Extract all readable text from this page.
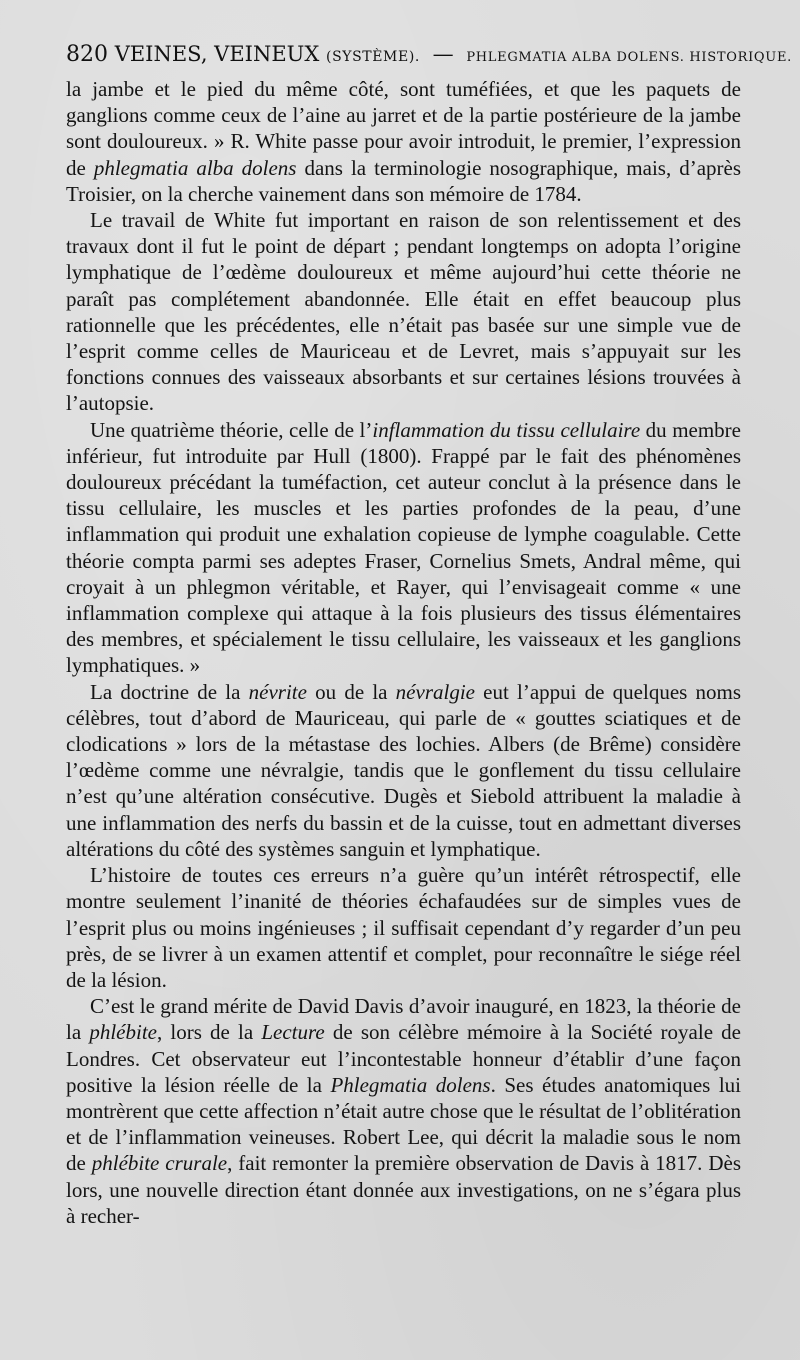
820 VEINES, VEINEUX (SYSTÈME). — PHLEGMATIA ALBA DOLENS. HISTORIQUE.

la jambe et le pied du même côté, sont tuméfiées, et que les paquets de ganglions comme ceux de l’aine au jarret et de la partie postérieure de la jambe sont douloureux. » R. White passe pour avoir introduit, le premier, l’expression de phlegmatia alba dolens dans la terminologie nosographique, mais, d’après Troisier, on la cherche vainement dans son mémoire de 1784.

Le travail de White fut important en raison de son relentissement et des travaux dont il fut le point de départ ; pendant longtemps on adopta l’origine lymphatique de l’œdème douloureux et même aujourd’hui cette théorie ne paraît pas complétement abandonnée. Elle était en effet beaucoup plus rationnelle que les précédentes, elle n’était pas basée sur une simple vue de l’esprit comme celles de Mauriceau et de Levret, mais s’appuyait sur les fonctions connues des vaisseaux absorbants et sur certaines lésions trouvées à l’autopsie.

Une quatrième théorie, celle de l’inflammation du tissu cellulaire du membre inférieur, fut introduite par Hull (1800). Frappé par le fait des phénomènes douloureux précédant la tuméfaction, cet auteur conclut à la présence dans le tissu cellulaire, les muscles et les parties profondes de la peau, d’une inflammation qui produit une exhalation copieuse de lymphe coagulable. Cette théorie compta parmi ses adeptes Fraser, Cornelius Smets, Andral même, qui croyait à un phlegmon véritable, et Rayer, qui l’envisageait comme « une inflammation complexe qui attaque à la fois plusieurs des tissus élémentaires des membres, et spécialement le tissu cellulaire, les vaisseaux et les ganglions lymphatiques. »

La doctrine de la névrite ou de la névralgie eut l’appui de quelques noms célèbres, tout d’abord de Mauriceau, qui parle de « gouttes sciatiques et de clodications » lors de la métastase des lochies. Albers (de Brême) considère l’œdème comme une névralgie, tandis que le gonflement du tissu cellulaire n’est qu’une altération consécutive. Dugès et Siebold attribuent la maladie à une inflammation des nerfs du bassin et de la cuisse, tout en admettant diverses altérations du côté des systèmes sanguin et lymphatique.

L’histoire de toutes ces erreurs n’a guère qu’un intérêt rétrospectif, elle montre seulement l’inanité de théories échafaudées sur de simples vues de l’esprit plus ou moins ingénieuses ; il suffisait cependant d’y regarder d’un peu près, de se livrer à un examen attentif et complet, pour reconnaître le siége réel de la lésion.

C’est le grand mérite de David Davis d’avoir inauguré, en 1823, la théorie de la phlébite, lors de la Lecture de son célèbre mémoire à la Société royale de Londres. Cet observateur eut l’incontestable honneur d’établir d’une façon positive la lésion réelle de la Phlegmatia dolens. Ses études anatomiques lui montrèrent que cette affection n’était autre chose que le résultat de l’oblitération et de l’inflammation veineuses. Robert Lee, qui décrit la maladie sous le nom de phlébite crurale, fait remonter la première observation de Davis à 1817. Dès lors, une nouvelle direction étant donnée aux investigations, on ne s’égara plus à recher-
